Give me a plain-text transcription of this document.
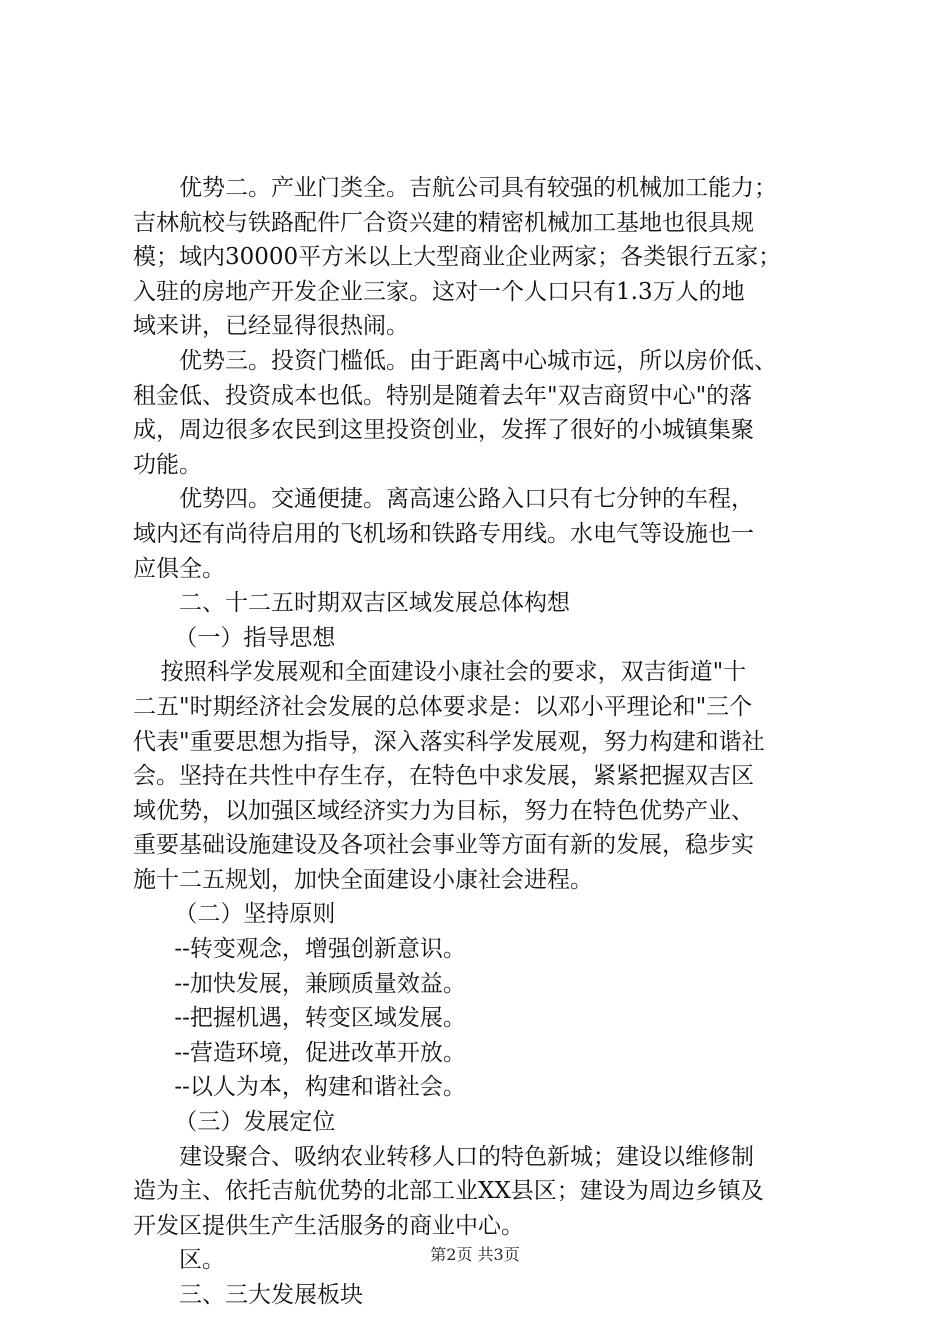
优势二。产业门类全。吉航公司具有较强的机械加工能力；
吉林航校与铁路配件厂合资兴建的精密机械加工基地也很具规
模；域内30000平方米以上大型商业企业两家；各类银行五家；
入驻的房地产开发企业三家。这对一个人口只有1.3万人的地
域来讲，已经显得很热闹。
优势三。投资门槛低。由于距离中心城市远，所以房价低、
租金低、投资成本也低。特别是随着去年"双吉商贸中心"的落
成，周边很多农民到这里投资创业，发挥了很好的小城镇集聚
功能。
优势四。交通便捷。离高速公路入口只有七分钟的车程，
域内还有尚待启用的飞机场和铁路专用线。水电气等设施也一
应俱全。
二、十二五时期双吉区域发展总体构想
（一）指导思想
按照科学发展观和全面建设小康社会的要求，双吉街道"十
二五"时期经济社会发展的总体要求是：以邓小平理论和"三个
代表"重要思想为指导，深入落实科学发展观，努力构建和谐社
会。坚持在共性中存生存，在特色中求发展，紧紧把握双吉区
域优势，以加强区域经济实力为目标，努力在特色优势产业、
重要基础设施建设及各项社会事业等方面有新的发展，稳步实
施十二五规划，加快全面建设小康社会进程。
（二）坚持原则
--转变观念，增强创新意识。
--加快发展，兼顾质量效益。
--把握机遇，转变区域发展。
--营造环境，促进改革开放。
--以人为本，构建和谐社会。
（三）发展定位
建设聚合、吸纳农业转移人口的特色新城；建设以维修制
造为主、依托吉航优势的北部工业XX县区；建设为周边乡镇及
开发区提供生产生活服务的商业中心。
区。
三、三大发展板块
第2页 共3页
